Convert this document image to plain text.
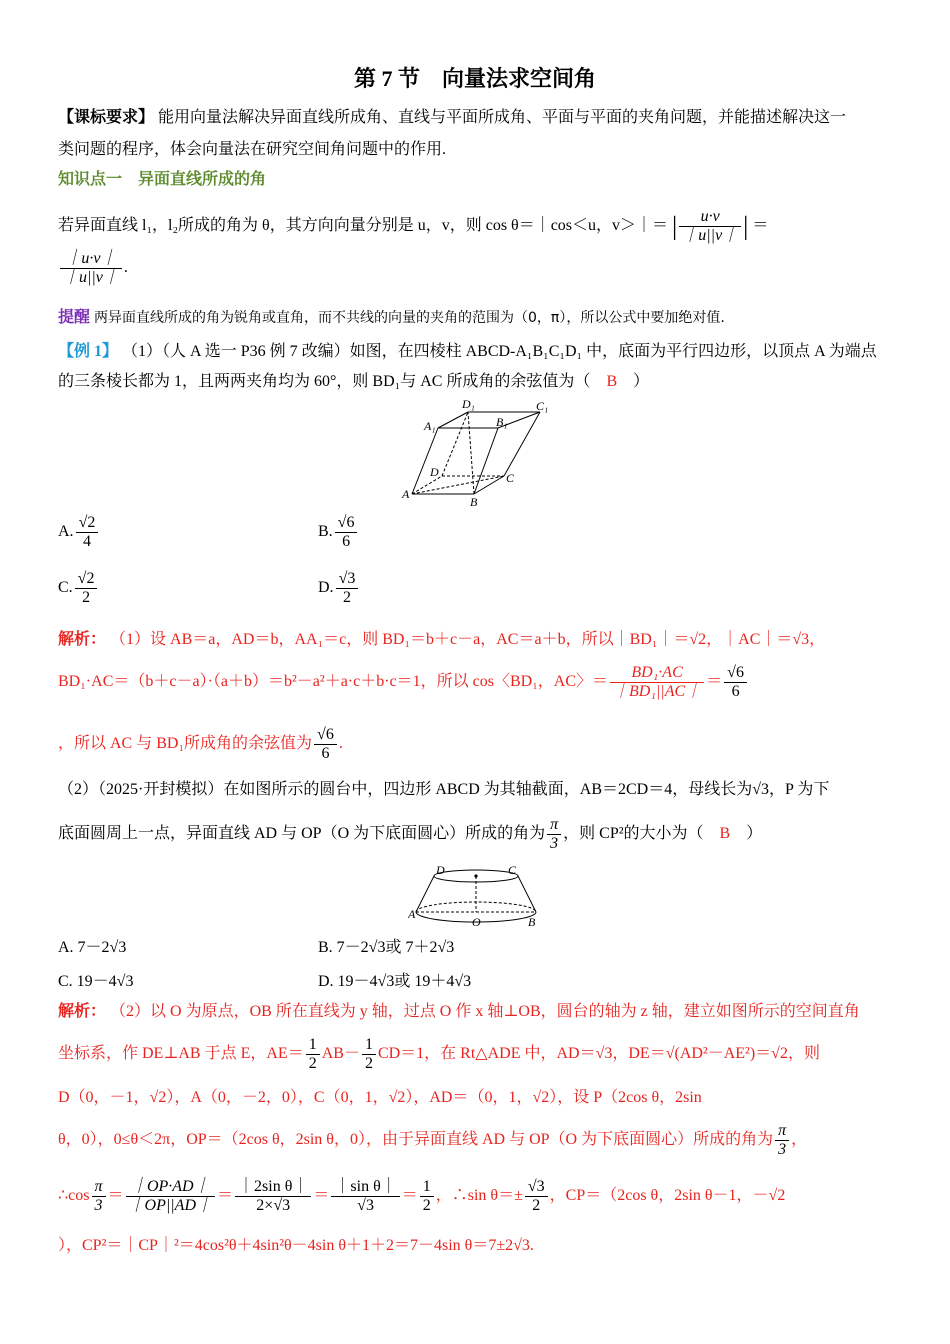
第 7 节　向量法求空间角
【课标要求】 能用向量法解决异面直线所成角、直线与平面所成角、平面与平面的夹角问题，并能描述解决这一
类问题的程序，体会向量法在研究空间角问题中的作用.
知识点一　异面直线所成的角
若异面直线 l₁，l₂所成的角为 θ，其方向向量分别是 u，v，则 cos θ＝｜cos＜u，v＞｜＝ | $\frac{u\cdot v}{|u||v|}$ | ＝
$\frac{|u\cdot v|}{|u||v|}$ .
提醒 两异面直线所成的角为锐角或直角，而不共线的向量的夹角的范围为（0，π），所以公式中要加绝对值.
【例 1】 （1）（人 A 选一 P36 例 7 改编）如图，在四棱柱 ABCD-A₁B₁C₁D₁ 中，底面为平行四边形，以顶点 A 为端点
的三条棱长都为 1，且两两夹角均为 60°，则 BD₁与 AC 所成角的余弦值为（ B ）
A
B
C
D
A₁	B₁
C₁
D₁
A. $\frac{√2}{4}$	B. $\frac{√6}{6}$
C. $\frac{√2}{2}$	D. $\frac{√3}{2}$
解析： （1）设 AB＝a，AD＝b，AA₁＝c，则 BD₁＝b＋c－a，AC＝a＋b，所以｜BD₁｜＝√2，｜AC｜＝√3，
BD₁·AC＝（b＋c－a）·（a＋b）＝b²－a²＋a·c＋b·c＝1，所以 cos〈BD₁，AC〉＝ $\frac{\text{BD₁·AC}}{\text{｜BD₁||AC｜}} = \frac{√6}{6}$
，所以 AC 与 BD₁所成角的余弦值为 $\frac{√6}{6}$ .
（2）（2025·开封模拟）在如图所示的圆台中，四边形 ABCD 为其轴截面，AB＝2CD＝4，母线长为√3，P 为下
底面圆周上一点，异面直线 AD 与 OP（O 为下底面圆心）所成的角为 $\frac{\pi}{3}$ ，则 CP²的大小为（ B ）
D	C
A
B
O
A. 7－2√3	B. 7－2√3或 7＋2√3
C. 19－4√3	D. 19－4√3或 19＋4√3
解析： （2）以 O 为原点，OB 所在直线为 y 轴，过点 O 作 x 轴⊥OB，圆台的轴为 z 轴，建立如图所示的空间直角
坐标系，作 DE⊥AB 于点 E，$AE= \frac{1}{2} AB- \frac{1}{2} CD=1$，在 Rt△ADE 中，AD＝√3，DE＝√(AD²－AE²)＝√2，则
D（0，－1，√2），A（0，－2，0），C（0，1，√2），AD＝（0，1，√2），设 P（2cos θ，2sin
θ，0），0≤θ＜2π，OP＝（2cos θ，2sin θ，0），由于异面直线 AD 与 OP（O 为下底面圆心）所成的角为 $\frac{\pi}{3}$ ，
∴cos $\frac{\pi}{3} = \frac{|OP\cdot AD|}{|OP||AD|} = \frac{\text{｜2sin θ｜}}{2\times√3} = \frac{\text{｜sin θ｜}}{√3} = \frac{1}{2}$ ，∴sin $\theta=\pm \frac{√3}{2}$ ，CP＝（2cos θ，2sin θ－1，－√2
），CP²＝｜CP｜²＝4cos²θ＋4sin²θ－4sin θ＋1＋2＝7－4sin θ＝7±2√3.
